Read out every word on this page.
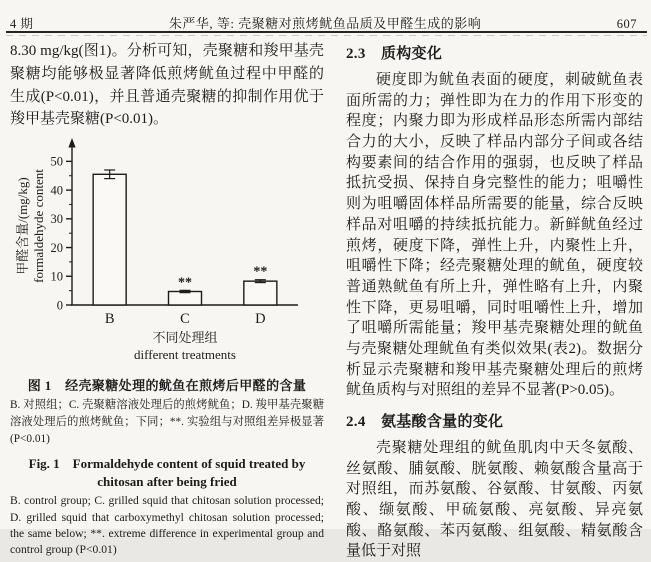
4 期	朱严华, 等: 壳聚糖对煎烤鱿鱼品质及甲醛生成的影响	607

8.30 mg/kg(图1)。分析可知，壳聚糖和羧甲基壳聚糖均能够极显著降低煎烤鱿鱼过程中甲醛的生成(P<0.01)，并且普通壳聚糖的抑制作用优于羧甲基壳聚糖(P<0.01)。

0
10
20
30
40
50
B
**
C
**
D
不同处理组
different treatments
甲醛含量/(mg/kg) formaldehyde content
图 1　经壳聚糖处理的鱿鱼在煎烤后甲醛的含量
B. 对照组；C. 壳聚糖溶液处理后的煎烤鱿鱼；D. 羧甲基壳聚糖溶液处理后的煎烤鱿鱼；下同；**. 实验组与对照组差异极显著 (P<0.01)
Fig. 1　Formaldehyde content of squid treated by chitosan after being fried
B. control group; C. grilled squid that chitosan solution processed; D. grilled squid that carboxymethyl chitosan solution processed; the same below; **. extreme difference in experimental group and control group (P<0.01)
2.3　质构变化

硬度即为鱿鱼表面的硬度，刺破鱿鱼表面所需的力；弹性即为在力的作用下形变的程度；内聚力即为形成样品形态所需内部结合力的大小，反映了样品内部分子间或各结构要素间的结合作用的强弱，也反映了样品抵抗受损、保持自身完整性的能力；咀嚼性则为咀嚼固体样品所需要的能量，综合反映样品对咀嚼的持续抵抗能力。新鲜鱿鱼经过煎烤，硬度下降，弹性上升，内聚性上升，咀嚼性下降；经壳聚糖处理的鱿鱼，硬度较普通熟鱿鱼有所上升，弹性略有上升，内聚性下降，更易咀嚼，同时咀嚼性上升，增加了咀嚼所需能量；羧甲基壳聚糖处理的鱿鱼与壳聚糖处理鱿鱼有类似效果(表2)。数据分析显示壳聚糖和羧甲基壳聚糖处理后的煎烤鱿鱼质构与对照组的差异不显著(P>0.05)。

2.4　氨基酸含量的变化

壳聚糖处理组的鱿鱼肌肉中天冬氨酸、丝氨酸、脯氨酸、胱氨酸、赖氨酸含量高于对照组，而苏氨酸、谷氨酸、甘氨酸、丙氨酸、缬氨酸、甲硫氨酸、亮氨酸、异亮氨酸、酪氨酸、苯丙氨酸、组氨酸、精氨酸含量低于对照
